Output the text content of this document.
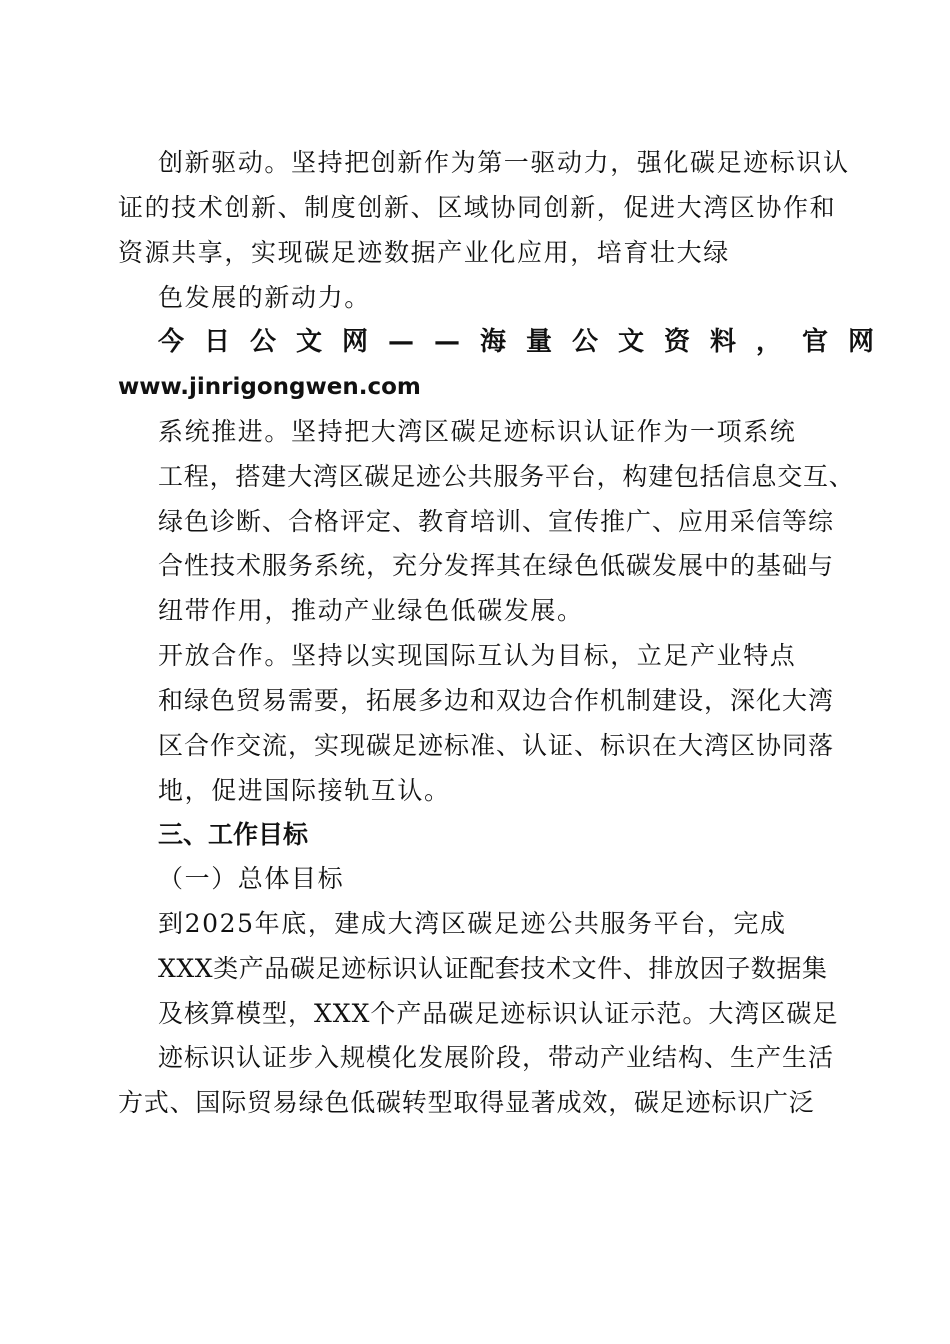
创新驱动。坚持把创新作为第一驱动力，强化碳足迹标识认
证的技术创新、制度创新、区域协同创新，促进大湾区协作和
资源共享，实现碳足迹数据产业化应用，培育壮大绿
色发展的新动力。
今日公文网——海量公文资料，官网
www.jinrigongwen.com
系统推进。坚持把大湾区碳足迹标识认证作为一项系统
工程，搭建大湾区碳足迹公共服务平台，构建包括信息交互、
绿色诊断、合格评定、教育培训、宣传推广、应用采信等综
合性技术服务系统，充分发挥其在绿色低碳发展中的基础与
纽带作用，推动产业绿色低碳发展。
开放合作。坚持以实现国际互认为目标，立足产业特点
和绿色贸易需要，拓展多边和双边合作机制建设，深化大湾
区合作交流，实现碳足迹标准、认证、标识在大湾区协同落
地，促进国际接轨互认。
三、工作目标
（一）总体目标
到2025年底，建成大湾区碳足迹公共服务平台，完成
XXX类产品碳足迹标识认证配套技术文件、排放因子数据集
及核算模型，XXX个产品碳足迹标识认证示范。大湾区碳足
迹标识认证步入规模化发展阶段，带动产业结构、生产生活
方式、国际贸易绿色低碳转型取得显著成效，碳足迹标识广泛
